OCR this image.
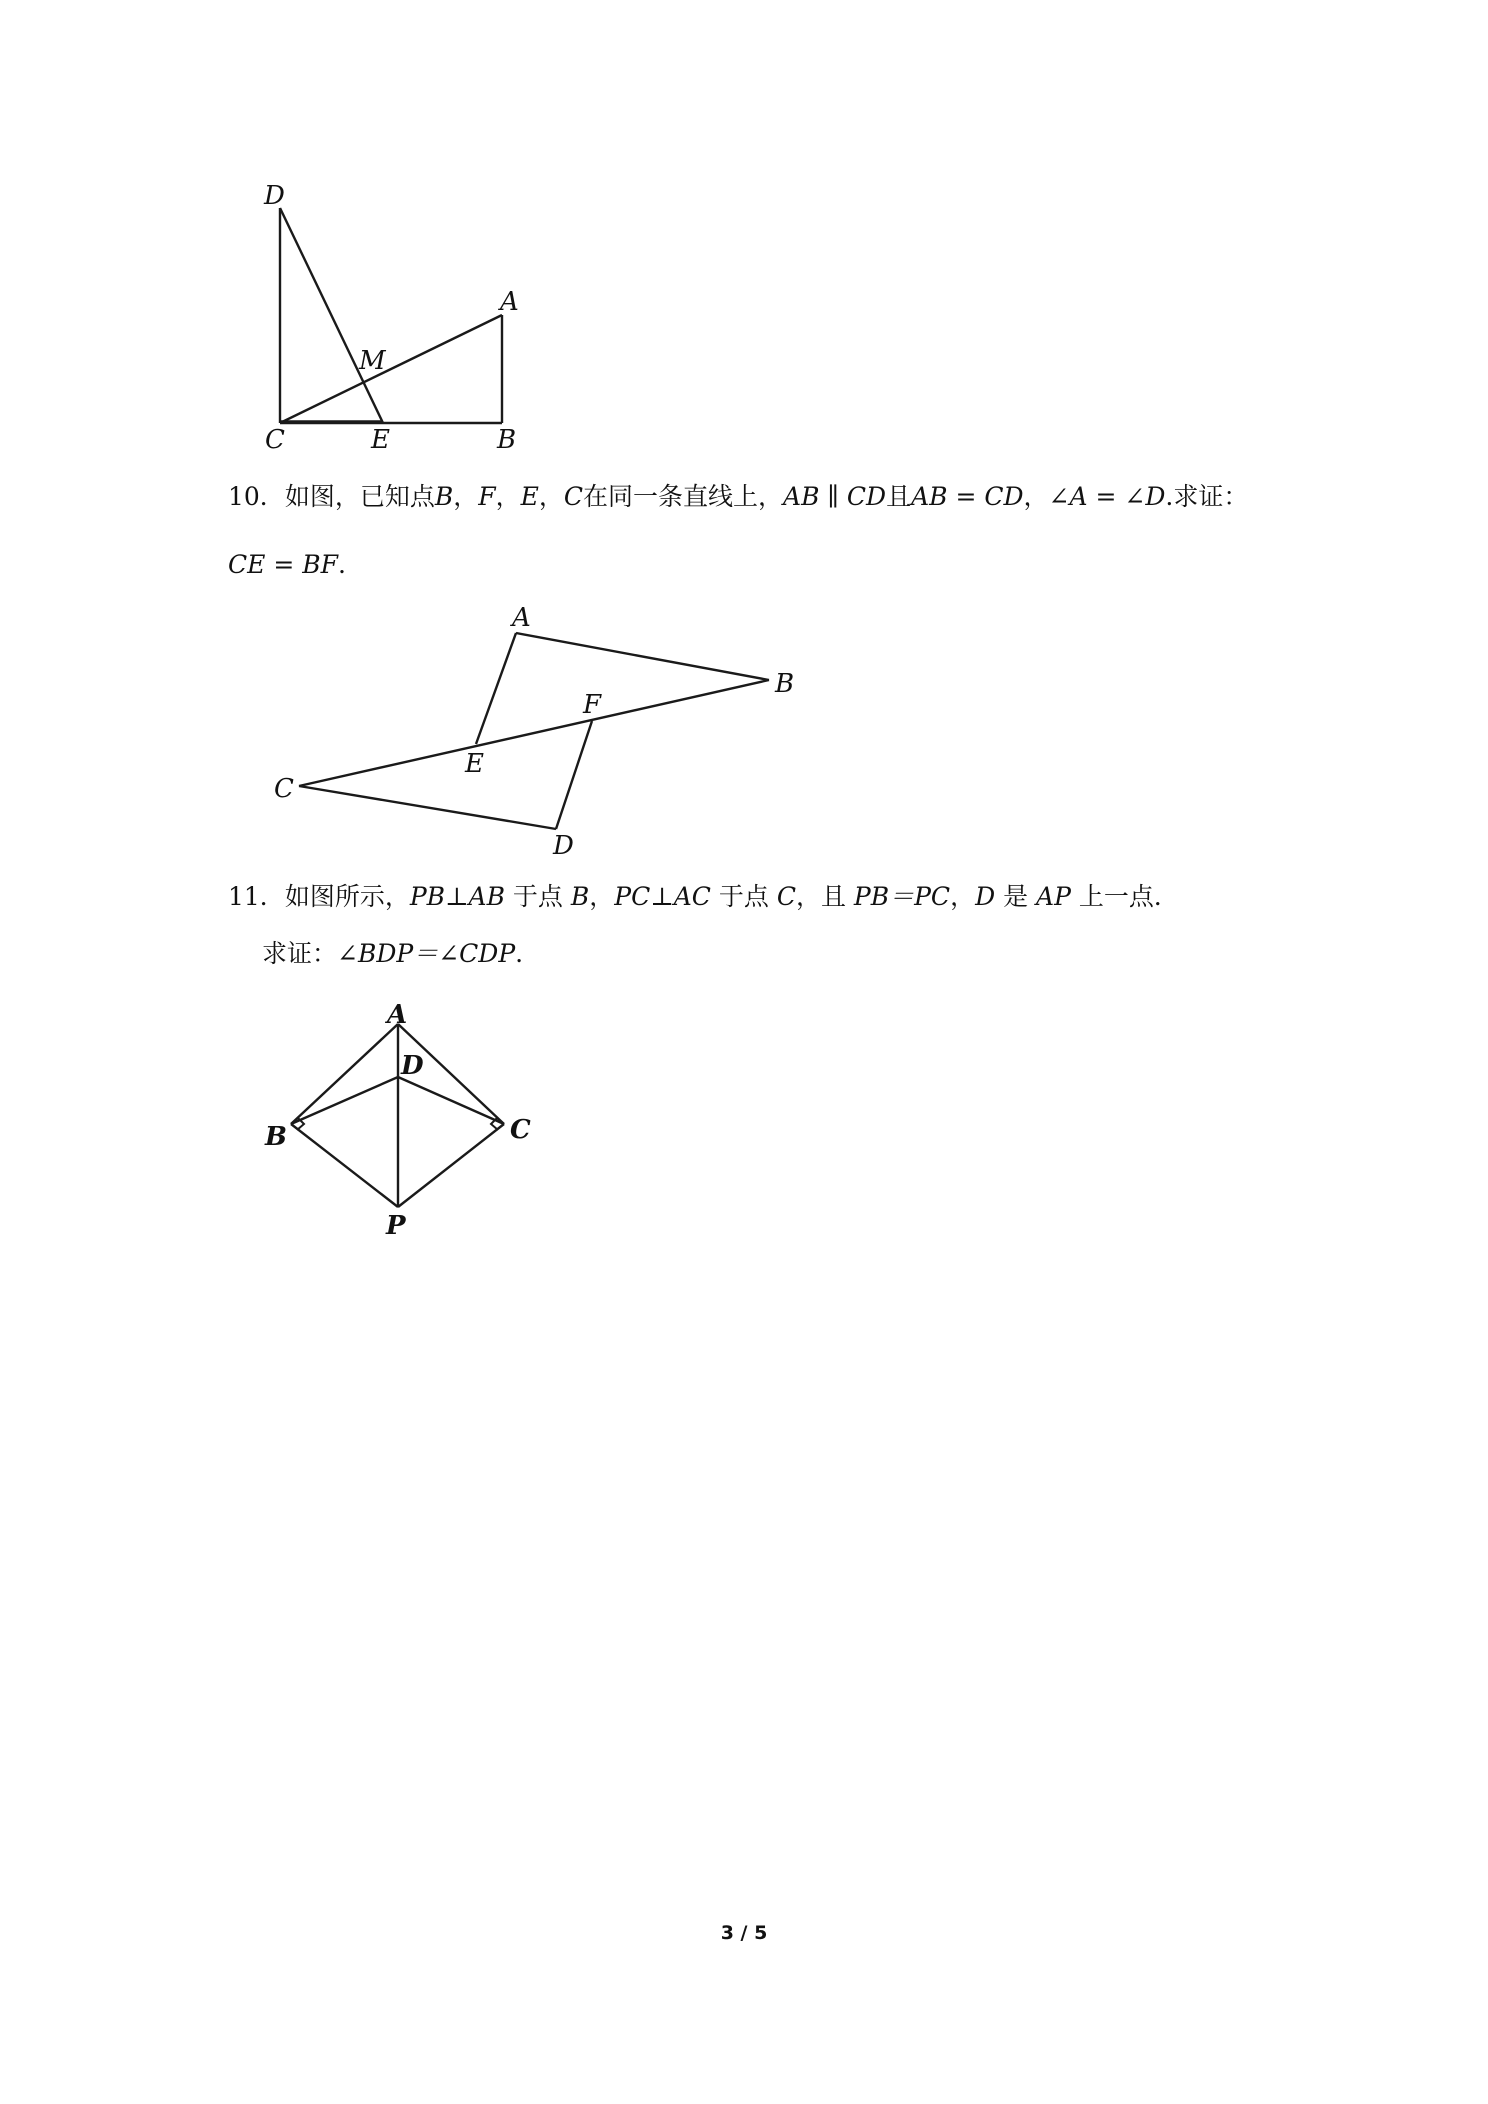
D
A
M
C	E	B
10．如图，已知点B，F，E，C在同一条直线上，AB ∥ CD且AB = CD，∠A = ∠D.求证：
CE = BF.
A
B
F
E
C
D
11．如图所示，PB⊥AB 于点 B，PC⊥AC 于点 C，且 PB＝PC，D 是 AP 上一点．
求证：∠BDP＝∠CDP.
A
D
B	C
P
3 / 5
